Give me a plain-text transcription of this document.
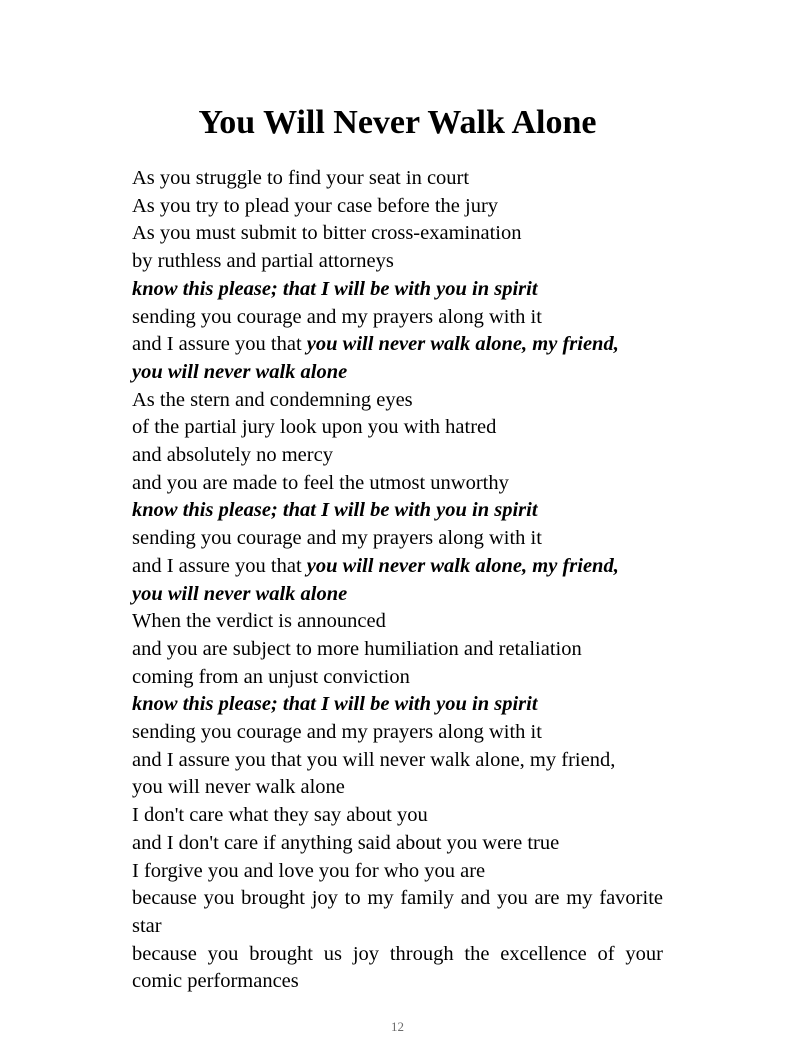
You Will Never Walk Alone

As you struggle to find your seat in court

As you try to plead your case before the jury

As you must submit to bitter cross-examination

by ruthless and partial attorneys

know this please; that I will be with you in spirit

sending you courage and my prayers along with it

and I assure you that you will never walk alone, my friend,

you will never walk alone

As the stern and condemning eyes

of the partial jury look upon you with hatred

and absolutely no mercy

and you are made to feel the utmost unworthy

know this please; that I will be with you in spirit

sending you courage and my prayers along with it

and I assure you that you will never walk alone, my friend,

you will never walk alone

When the verdict is announced

and you are subject to more humiliation and retaliation

coming from an unjust conviction

know this please; that I will be with you in spirit

sending you courage and my prayers along with it

and I assure you that you will never walk alone, my friend,

you will never walk alone

I don't care what they say about you

and I don't care if anything said about you were true

I forgive you and love you for who you are

because you brought joy to my family and you are my favorite star

because you brought us joy through the excellence of your comic performances

12
